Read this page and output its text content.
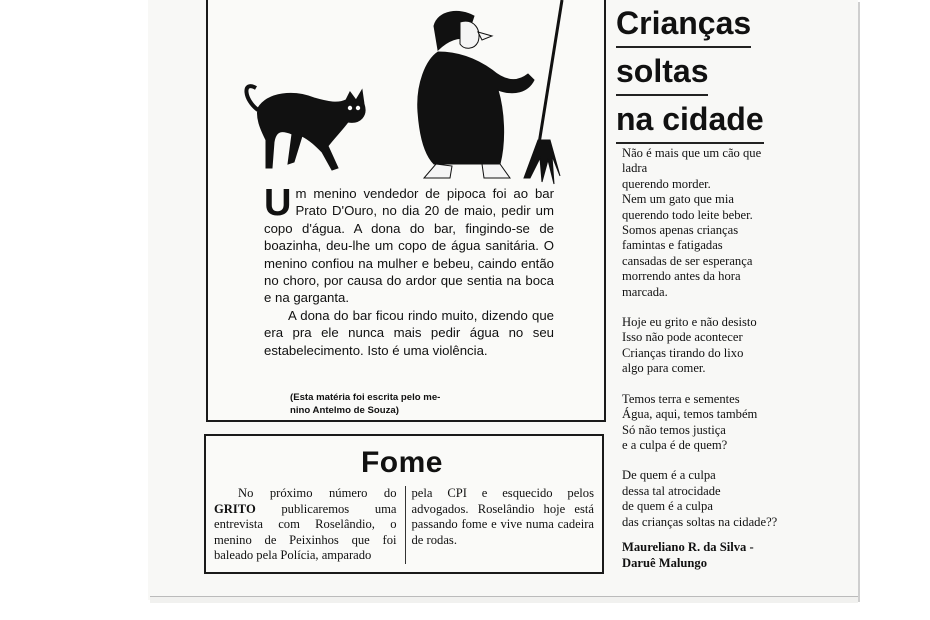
Um menino vendedor de pipoca foi ao bar Prato D'Ouro, no dia 20 de maio, pedir um copo d'água. A dona do bar, fingindo-se de boazinha, deu-lhe um copo de água sanitária. O menino confiou na mulher e bebeu, caindo então no choro, por causa do ardor que sentia na boca e na garganta.

A dona do bar ficou rindo muito, dizendo que era pra ele nunca mais pedir água no seu estabelecimento. Isto é uma violência.

(Esta matéria foi escrita pelo me-
nino Antelmo de Souza)
Fome

No próximo número do GRITO publicaremos uma entrevista com Roselândio, o menino de Peixinhos que foi baleado pela Polícia, amparado

pela CPI e esquecido pelos advogados. Roselândio hoje está passando fome e vive numa cadeira de rodas.

Crianças
soltas
na cidade

Não é mais que um cão que
ladra
querendo morder.
Nem um gato que mia
querendo todo leite beber.
Somos apenas crianças
famintas e fatigadas
cansadas de ser esperança
morrendo antes da hora
marcada.

Hoje eu grito e não desisto
Isso não pode acontecer
Crianças tirando do lixo
algo para comer.

Temos terra e sementes
Água, aqui, temos também
Só não temos justiça
e a culpa é de quem?

De quem é a culpa
dessa tal atrocidade
de quem é a culpa
das crianças soltas na cidade??

Maureliano R. da Silva -
Daruê Malungo
